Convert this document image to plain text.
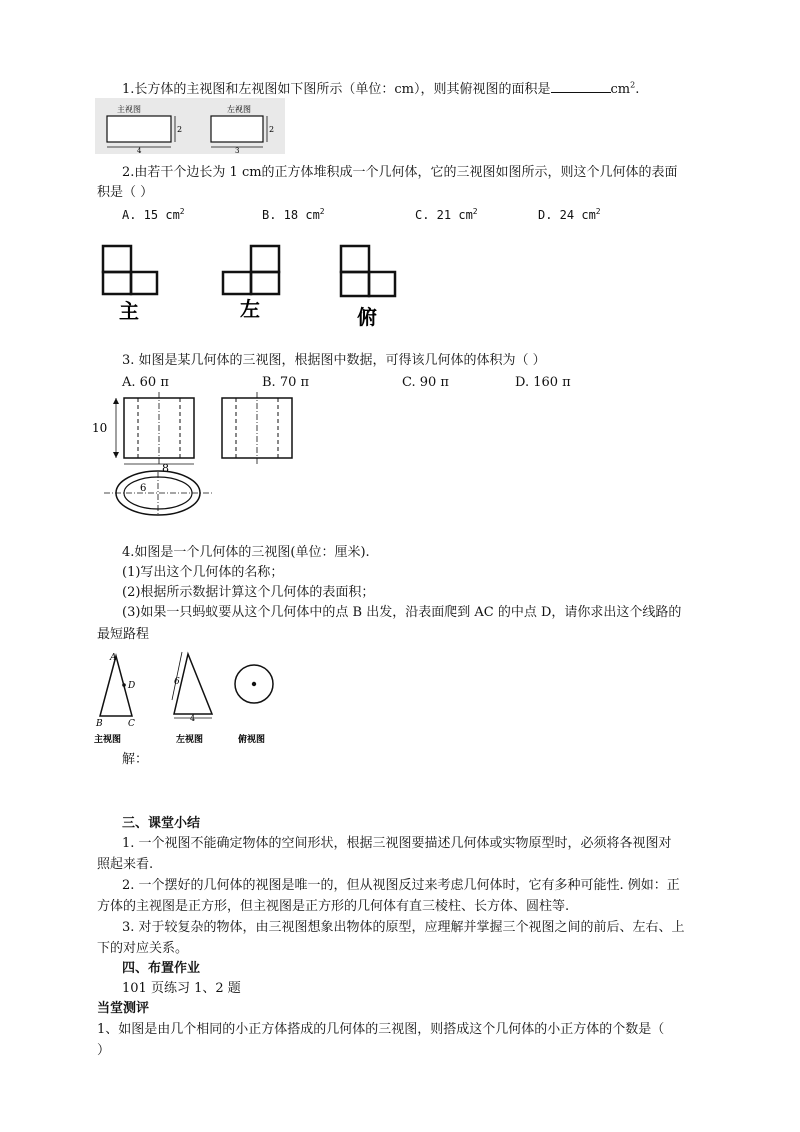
1.长方体的主视图和左视图如下图所示（单位：cm），则其俯视图的面积是	$cm^2$.
主视图
2
4
左视图
2
3
2.由若干个边长为 1 cm的正方体堆积成一个几何体，它的三视图如图所示，则这个几何体的表面
积是（ ）
A. 15 $cm^2$	B. 18 $cm^2$	C. 21 $cm^2$	D. 24 $cm^2$
主	左	俯
3. 如图是某几何体的三视图，根据图中数据，可得该几何体的体积为（ ）
A. 60 π	B. 70 π	C. 90 π	D. 160 π
10
8
6
4.如图是一个几何体的三视图(单位：厘米).
(1)写出这个几何体的名称；
(2)根据所示数据计算这个几何体的表面积；
(3)如果一只蚂蚁要从这个几何体中的点 B 出发，沿表面爬到 AC 的中点 D，请你求出这个线路的
最短路程
A
D
B	C
主视图
6
4
左视图	俯视图
解：
三、课堂小结
1. 一个视图不能确定物体的空间形状，根据三视图要描述几何体或实物原型时，必须将各视图对
照起来看.
2. 一个摆好的几何体的视图是唯一的，但从视图反过来考虑几何体时，它有多种可能性. 例如：正
方体的主视图是正方形，但主视图是正方形的几何体有直三棱柱、长方体、圆柱等.
3. 对于较复杂的物体，由三视图想象出物体的原型，应理解并掌握三个视图之间的前后、左右、上
下的对应关系。
四、布置作业
101 页练习 1、2 题
当堂测评
1、如图是由几个相同的小正方体搭成的几何体的三视图，则搭成这个几何体的小正方体的个数是（
）
